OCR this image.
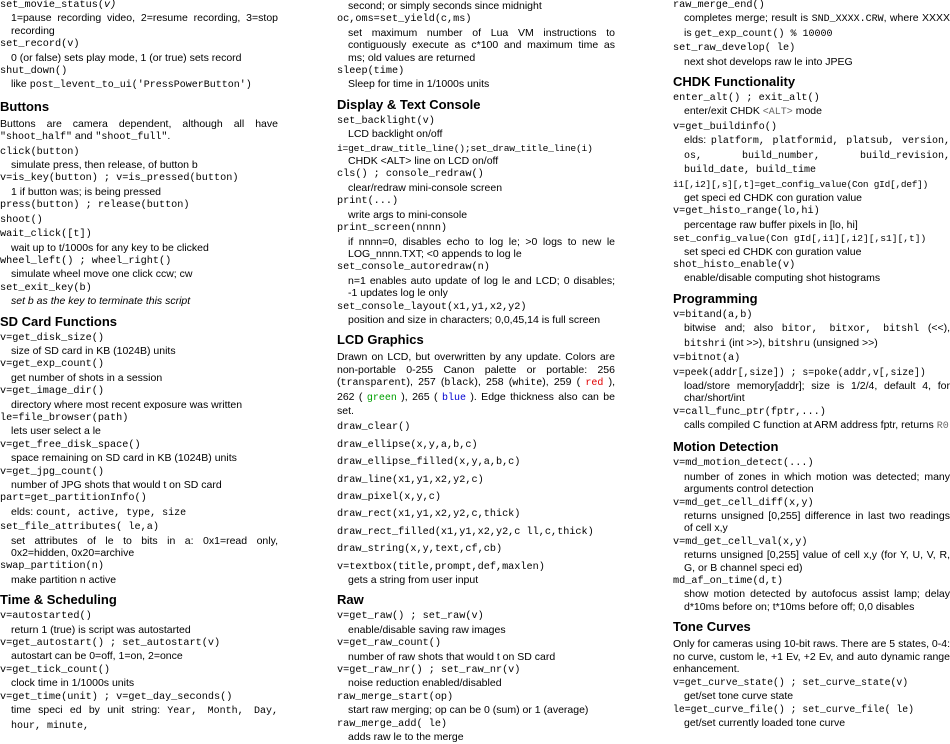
set_movie_status(v)
1=pause recording video, 2=resume recording, 3=stop recording
set_record(v)
0 (or false) sets play mode, 1 (or true) sets record
shut_down()
like post_levent_to_ui('PressPowerButton')
Buttons
Buttons are camera dependent, although all have "shoot_half" and "shoot_full".
click(button)
simulate press, then release, of button b
v=is_key(button) ; v=is_pressed(button)
1 if button was; is being pressed
press(button) ; release(button)
shoot()
wait_click([t])
wait up to t/1000s for any key to be clicked
wheel_left() ; wheel_right()
simulate wheel move one click ccw; cw
set_exit_key(b)
set b as the key to terminate this script
SD Card Functions
v=get_disk_size()
size of SD card in KB (1024B) units
v=get_exp_count()
get number of shots in a session
v=get_image_dir()
directory where most recent exposure was written
le=file_browser(path)
lets user select a le
v=get_free_disk_space()
space remaining on SD card in KB (1024B) units
v=get_jpg_count()
number of JPG shots that would t on SD card
part=get_partitionInfo()
elds: count, active, type, size
set_file_attributes( le,a)
set attributes of le to bits in a: 0x1=read only, 0x2=hidden, 0x20=archive
swap_partition(n)
make partition n active
Time & Scheduling
v=autostarted()
return 1 (true) is script was autostarted
v=get_autostart() ; set_autostart(v)
autostart can be 0=off, 1=on, 2=once
v=get_tick_count()
clock time in 1/1000s units
v=get_time(unit) ; v=get_day_seconds()
time speci ed by unit string: Year, Month, Day, hour, minute,
second; or simply seconds since midnight
oc,oms=set_yield(c,ms)
set maximum number of Lua VM instructions to contiguously execute as c*100 and maximum time as ms; old values are returned
sleep(time)
Sleep for time in 1/1000s units
Display & Text Console
set_backlight(v)
LCD backlight on/off
i=get_draw_title_line();set_draw_title_line(i)
CHDK <ALT> line on LCD on/off
cls() ; console_redraw()
clear/redraw mini-console screen
print(...)
write args to mini-console
print_screen(nnnn)
if nnnn=0, disables echo to log le; >0 logs to new le LOG_nnnn.TXT; <0 appends to log le
set_console_autoredraw(n)
n=1 enables auto update of log le and LCD; 0 disables; -1 updates log le only
set_console_layout(x1,y1,x2,y2)
position and size in characters; 0,0,45,14 is full screen
LCD Graphics
Drawn on LCD, but overwritten by any update. Colors are non-portable 0-255 Canon palette or portable: 256 (transparent), 257 (black), 258 (white), 259 ( red ), 262 ( green ), 265 ( blue ). Edge thickness also can be set.
draw_clear()
draw_ellipse(x,y,a,b,c)
draw_ellipse_filled(x,y,a,b,c)
draw_line(x1,y1,x2,y2,c)
draw_pixel(x,y,c)
draw_rect(x1,y1,x2,y2,c,thick)
draw_rect_filled(x1,y1,x2,y2,c ll,c,thick)
draw_string(x,y,text,cf,cb)
v=textbox(title,prompt,def,maxlen)
gets a string from user input
Raw
v=get_raw() ; set_raw(v)
enable/disable saving raw images
v=get_raw_count()
number of raw shots that would t on SD card
v=get_raw_nr() ; set_raw_nr(v)
noise reduction enabled/disabled
raw_merge_start(op)
start raw merging; op can be 0 (sum) or 1 (average)
raw_merge_add( le)
adds raw le to the merge
raw_merge_end()
completes merge; result is SND_XXXX.CRW, where XXXX is get_exp_count() % 10000
set_raw_develop( le)
next shot develops raw le into JPEG
CHDK Functionality
enter_alt() ; exit_alt()
enter/exit CHDK <ALT> mode
v=get_buildinfo()
elds: platform, platformid, platsub, version, os, build_number, build_revision, build_date, build_time
i1[,i2][,s][,t]=get_config_value(Con gId[,def])
get speci ed CHDK con guration value
v=get_histo_range(lo,hi)
percentage raw buffer pixels in [lo, hi]
set_config_value(Con gId[,i1][,i2][,s1][,t])
set speci ed CHDK con guration value
shot_histo_enable(v)
enable/disable computing shot histograms
Programming
v=bitand(a,b)
bitwise and; also bitor, bitxor, bitshl (<<), bitshri (int >>), bitshru (unsigned >>)
v=bitnot(a)
v=peek(addr[,size]) ; s=poke(addr,v[,size])
load/store memory[addr]; size is 1/2/4, default 4, for char/short/int
v=call_func_ptr(fptr,...)
calls compiled C function at ARM address fptr, returns R0
Motion Detection
v=md_motion_detect(...)
number of zones in which motion was detected; many arguments control detection
v=md_get_cell_diff(x,y)
returns unsigned [0,255] difference in last two readings of cell x,y
v=md_get_cell_val(x,y)
returns unsigned [0,255] value of cell x,y (for Y, U, V, R, G, or B channel speci ed)
md_af_on_time(d,t)
show motion detected by autofocus assist lamp; delay d*10ms before on; t*10ms before off; 0,0 disables
Tone Curves
Only for cameras using 10-bit raws. There are 5 states, 0-4: no curve, custom le, +1 Ev, +2 Ev, and auto dynamic range enhancement.
v=get_curve_state() ; set_curve_state(v)
get/set tone curve state
le=get_curve_file() ; set_curve_file( le)
get/set currently loaded tone curve
